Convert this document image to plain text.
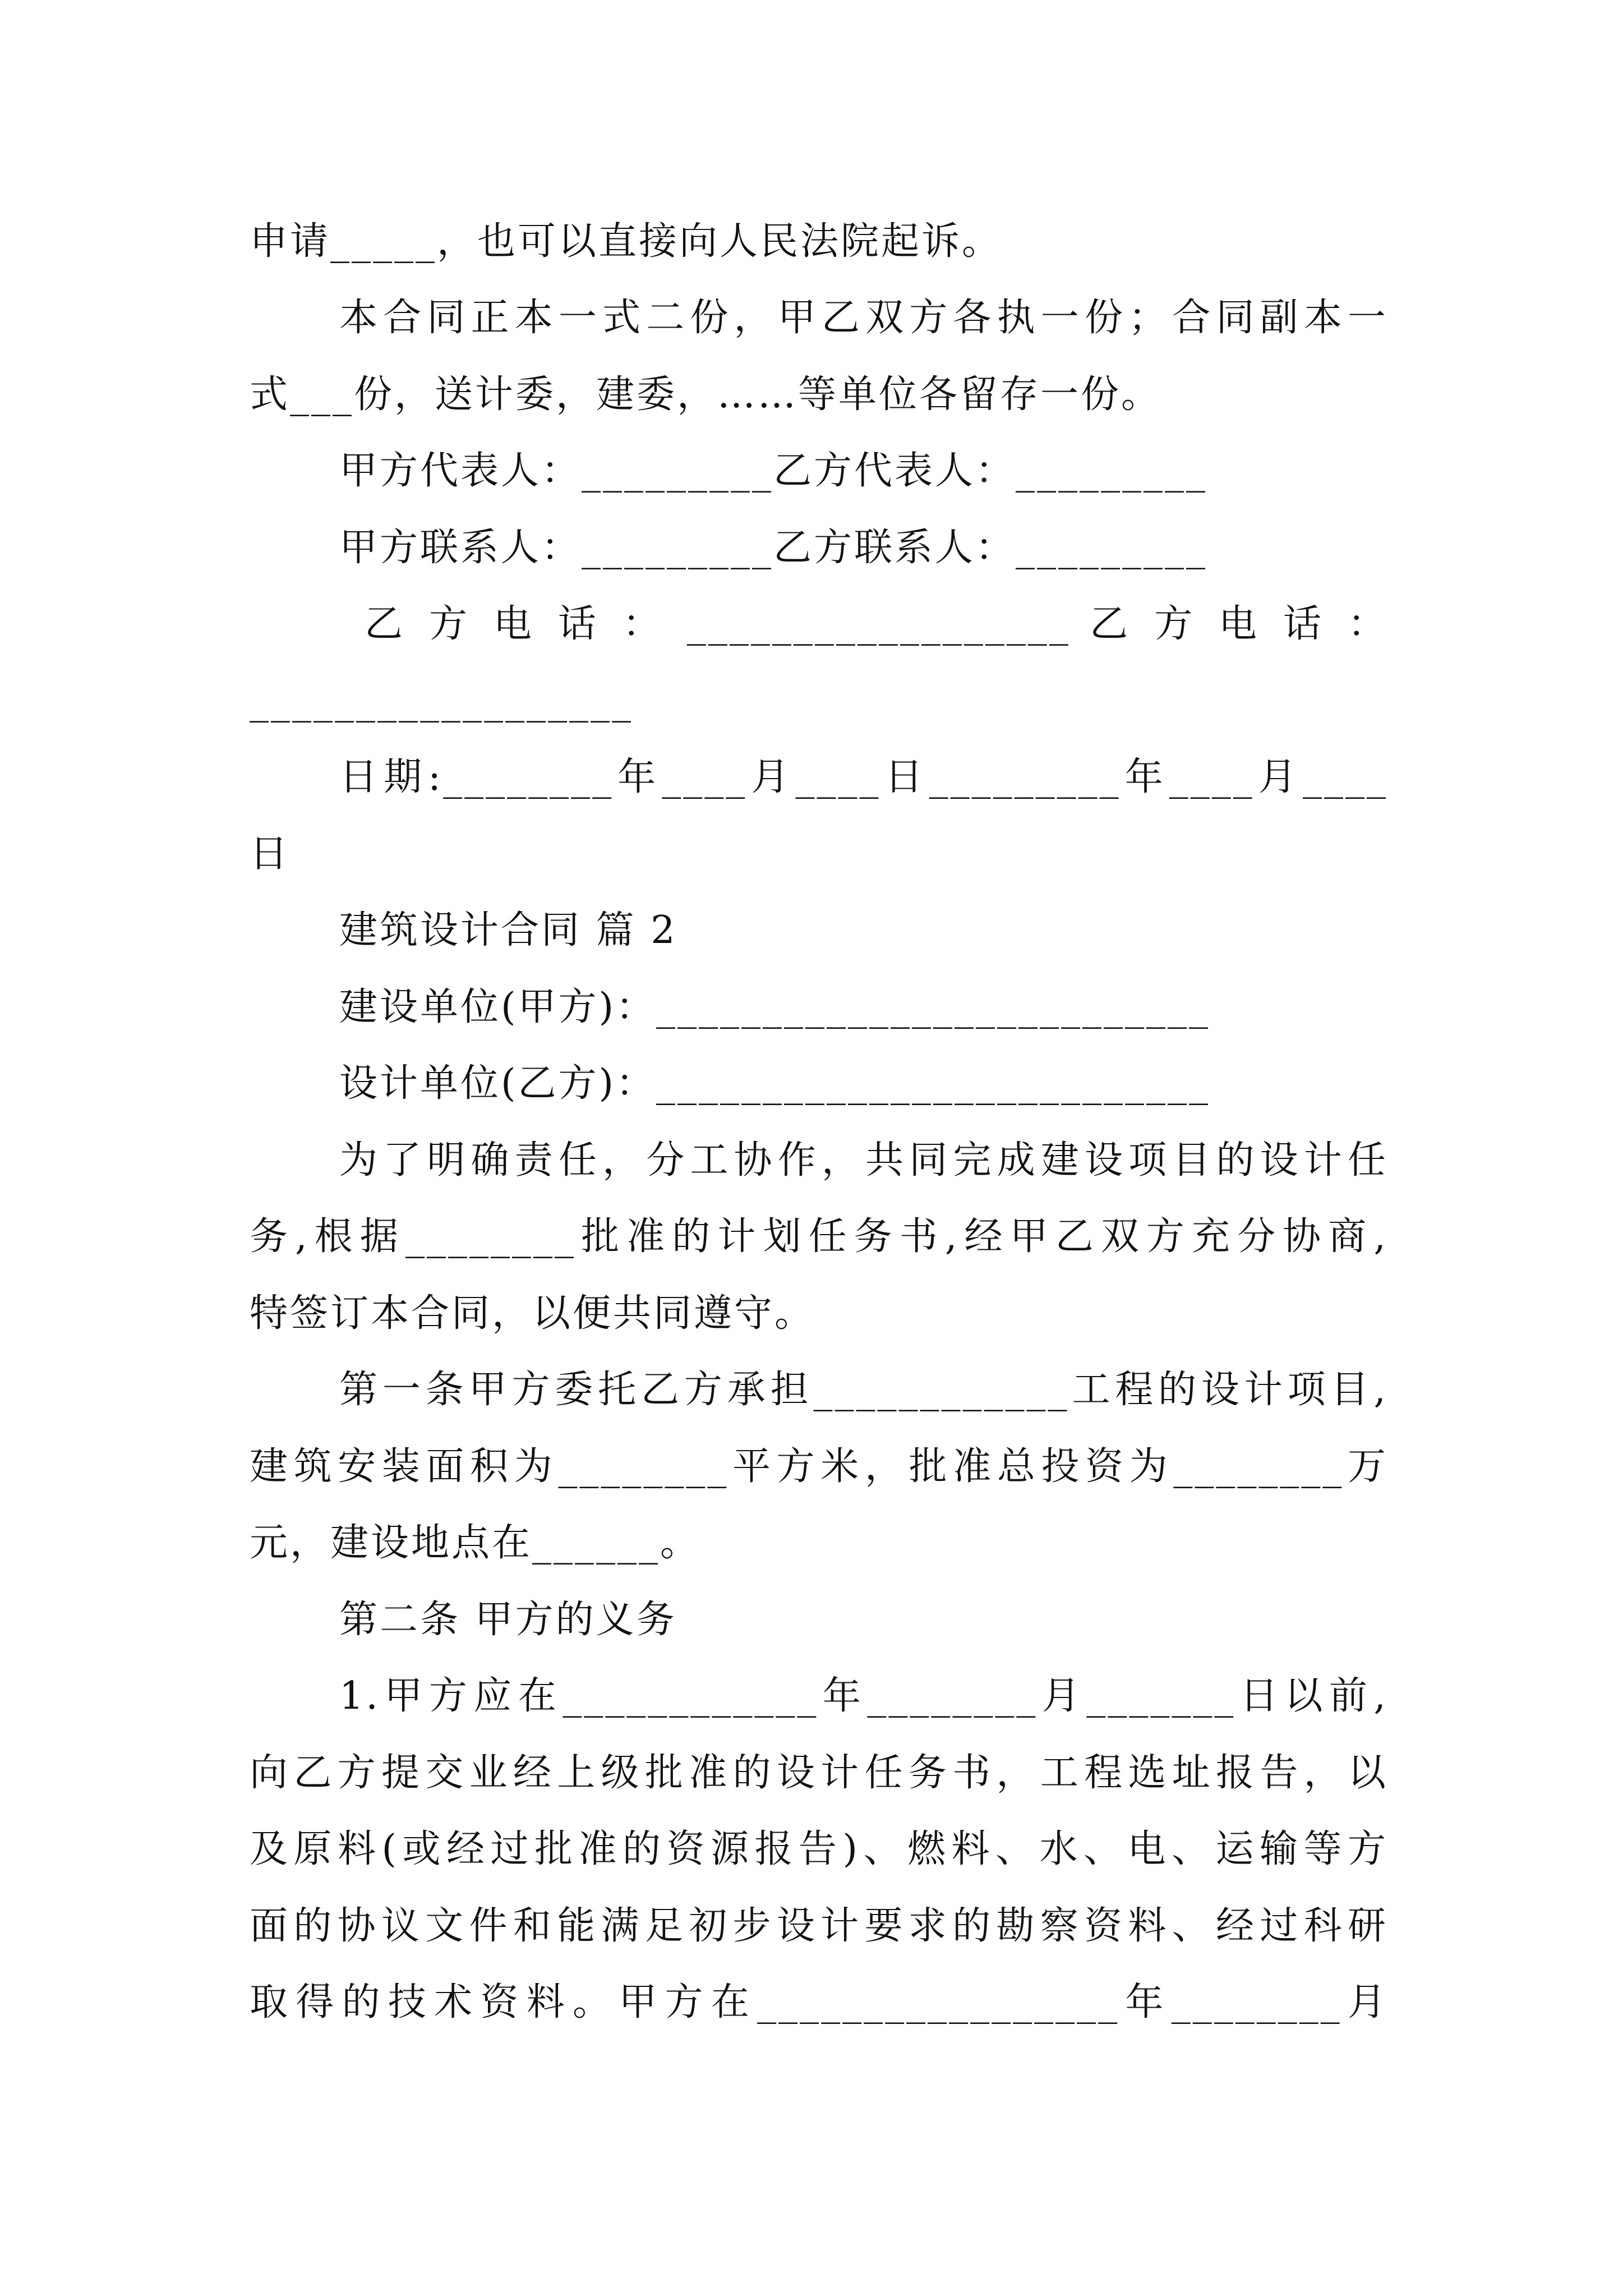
申请_____，也可以直接向人民法院起诉。
本合同正本一式二份，甲乙双方各执一份；合同副本一
式___份，送计委，建委，……等单位各留存一份。
甲方代表人：_________乙方代表人：_________
甲方联系人：_________乙方联系人：_________
乙 方 电 话 ： __________________ 乙 方 电 话 ：
__________________
日期:________年____月____日_________年____月____
日
建筑设计合同 篇 2
建设单位(甲方)：__________________________
设计单位(乙方)：__________________________
为了明确责任，分工协作，共同完成建设项目的设计任
务,根据________批准的计划任务书,经甲乙双方充分协商,
特签订本合同，以便共同遵守。
第一条甲方委托乙方承担____________工程的设计项目,
建筑安装面积为________平方米，批准总投资为________万
元，建设地点在______。
第二条 甲方的义务
1.甲方应在____________年________月_______日以前,
向乙方提交业经上级批准的设计任务书，工程选址报告，以
及原料(或经过批准的资源报告)、燃料、水、电、运输等方
面的协议文件和能满足初步设计要求的勘察资料、经过科研
取得的技术资料。甲方在_________________年________月
